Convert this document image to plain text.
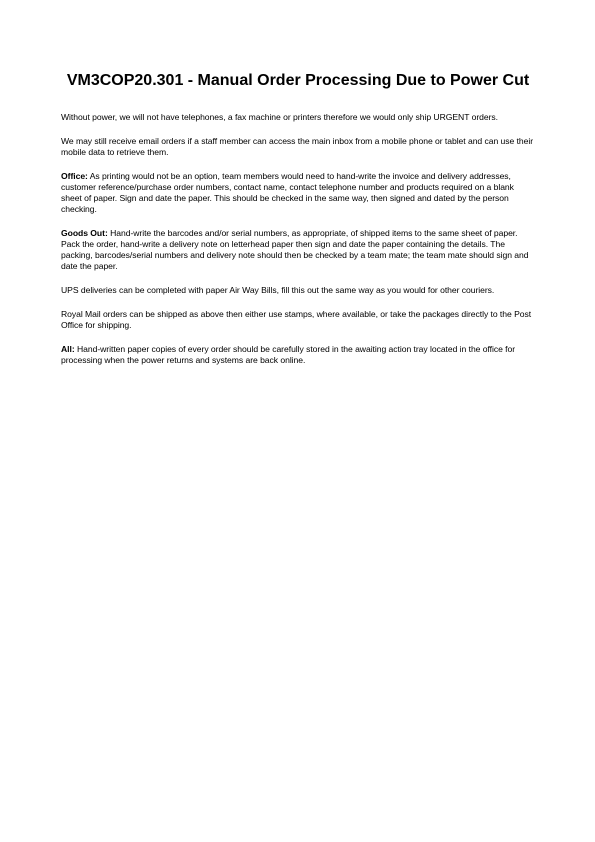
VM3COP20.301 - Manual Order Processing Due to Power Cut

Without power, we will not have telephones, a fax machine or printers therefore we would only ship URGENT orders.

We may still receive email orders if a staff member can access the main inbox from a mobile phone or tablet and can use their mobile data to retrieve them.

Office: As printing would not be an option, team members would need to hand-write the invoice and delivery addresses, customer reference/purchase order numbers, contact name, contact telephone number and products required on a blank sheet of paper. Sign and date the paper. This should be checked in the same way, then signed and dated by the person checking.

Goods Out: Hand-write the barcodes and/or serial numbers, as appropriate, of shipped items to the same sheet of paper. Pack the order, hand-write a delivery note on letterhead paper then sign and date the paper containing the details. The packing, barcodes/serial numbers and delivery note should then be checked by a team mate; the team mate should sign and date the paper.

UPS deliveries can be completed with paper Air Way Bills, fill this out the same way as you would for other couriers.

Royal Mail orders can be shipped as above then either use stamps, where available, or take the packages directly to the Post Office for shipping.

All: Hand-written paper copies of every order should be carefully stored in the awaiting action tray located in the office for processing when the power returns and systems are back online.
